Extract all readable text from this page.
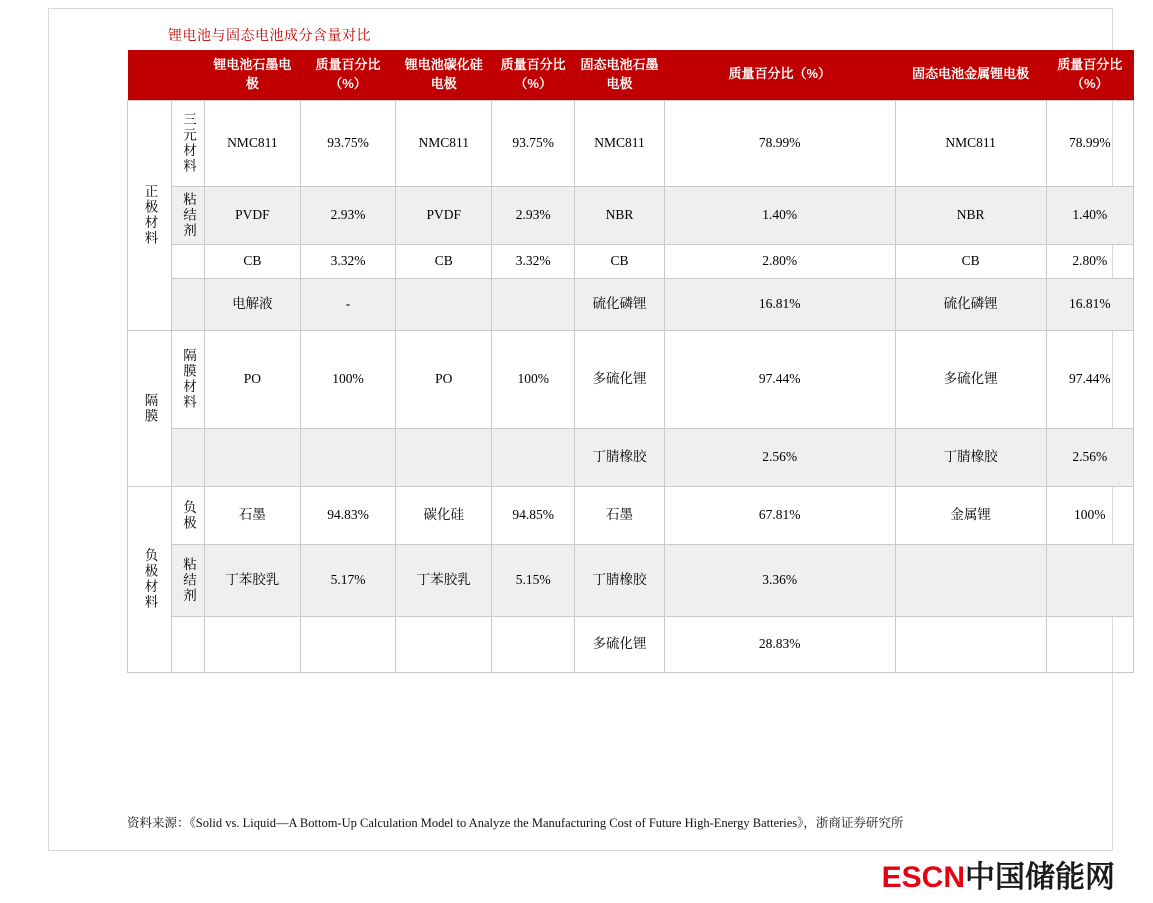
锂电池与固态电池成分含量对比
		锂电池石墨电极	质量百分比（%）	锂电池碳化硅电极	质量百分比（%）	固态电池石墨电极	质量百分比（%）	固态电池金属锂电极	质量百分比（%）
正极材料	三元材料	NMC811	93.75%	NMC811	93.75%	NMC811	78.99%	NMC811	78.99%
	粘结剂	PVDF	2.93%	PVDF	2.93%	NBR	1.40%	NBR	1.40%
		CB	3.32%	CB	3.32%	CB	2.80%	CB	2.80%
		电解液	-			硫化磷锂	16.81%	硫化磷锂	16.81%
隔膜	隔膜材料	PO	100%	PO	100%	多硫化锂	97.44%	多硫化锂	97.44%
						丁腈橡胶	2.56%	丁腈橡胶	2.56%
负极材料	负极	石墨	94.83%	碳化硅	94.85%	石墨	67.81%	金属锂	100%
	粘结剂	丁苯胶乳	5.17%	丁苯胶乳	5.15%	丁腈橡胶	3.36%		
						多硫化锂	28.83%		
资料来源：《Solid vs. Liquid—A Bottom-Up Calculation Model to Analyze the Manufacturing Cost of Future High-Energy Batteries》，浙商证券研究所
ESCN中国储能网
